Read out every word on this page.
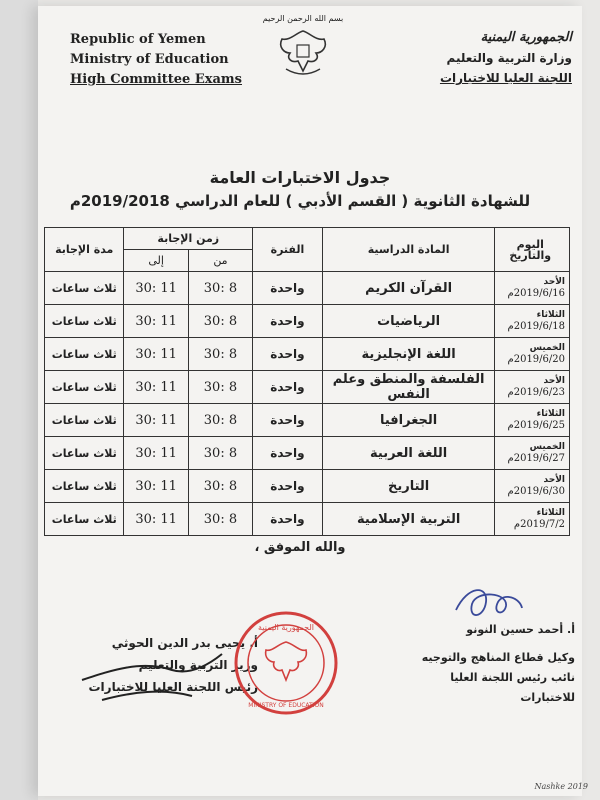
Republic of Yemen
Ministry of Education
High Committee Exams
بسم الله الرحمن الرحيم
الجمهورية اليمنية
وزارة التربية والتعليم
اللجنة العليا للاختبارات
جدول الاختبارات العامة
للشهادة الثانوية ( القسم الأدبي ) للعام الدراسي 2019/2018م
اليوم والتاريخ	المادة الدراسية	الفترة	زمن الإجابة		مدة الإجابة
			من	إلى	

الأحد
2019/6/16م	القرآن الكريم	واحدة	8 :30	11 :30	ثلاث ساعات

الثلاثاء
2019/6/18م	الرياضيات	واحدة	8 :30	11 :30	ثلاث ساعات

الخميس
2019/6/20م	اللغة الإنجليزية	واحدة	8 :30	11 :30	ثلاث ساعات

الأحد
2019/6/23م	الفلسفة والمنطق وعلم النفس	واحدة	8 :30	11 :30	ثلاث ساعات

الثلاثاء
2019/6/25م	الجغرافيا	واحدة	8 :30	11 :30	ثلاث ساعات

الخميس
2019/6/27م	اللغة العربية	واحدة	8 :30	11 :30	ثلاث ساعات

الأحد
2019/6/30م	التاريخ	واحدة	8 :30	11 :30	ثلاث ساعات

الثلاثاء
2019/7/2م	التربية الإسلامية	واحدة	8 :30	11 :30	ثلاث ساعات
والله الموفق ،
أ. أحمد حسين النونو
وكيل قطاع المناهج والتوجيه
نائب رئيس اللجنة العليا للاختبارات
أ. يحيى بدر الدين الحوثي
وزير التربية والتعليم
رئيس اللجنة العليا للاختبارات
MINISTRY OF EDUCATION
الجمهورية اليمنية
Nashke 2019
